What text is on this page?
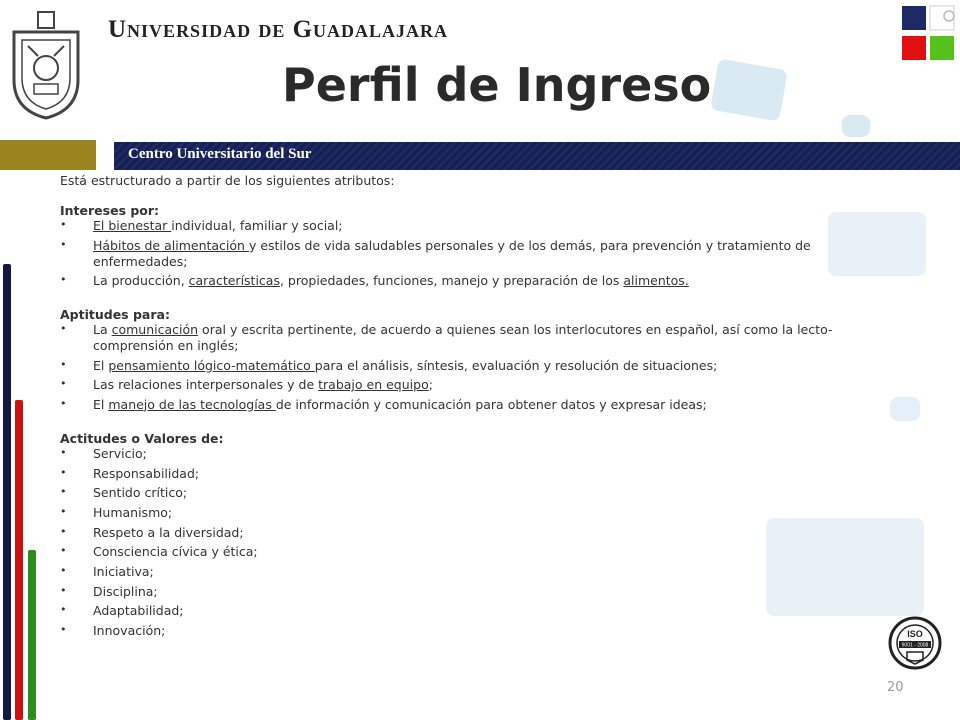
Universidad de Guadalajara
Perfil de Ingreso
Centro Universitario del Sur

Está estructurado a partir de los siguientes atributos:

Intereses por:

• El bienestar individual, familiar y social;
• Hábitos de alimentación y estilos de vida saludables personales y de los demás, para prevención y tratamiento de enfermedades;
• La producción, características, propiedades, funciones, manejo y preparación de los alimentos.

Aptitudes para:

• La comunicación oral y escrita pertinente, de acuerdo a quienes sean los interlocutores en español, así como la lecto-comprensión en inglés;
• El pensamiento lógico-matemático para el análisis, síntesis, evaluación y resolución de situaciones;
• Las relaciones interpersonales y de trabajo en equipo;
• El manejo de las tecnologías de información y comunicación para obtener datos y expresar ideas;

Actitudes o Valores de:

• Servicio;
• Responsabilidad;
• Sentido crítico;
• Humanismo;
• Respeto a la diversidad;
• Consciencia cívica y ética;
• Iniciativa;
• Disciplina;
• Adaptabilidad;
• Innovación;	ISO
9001 - 2008
20
